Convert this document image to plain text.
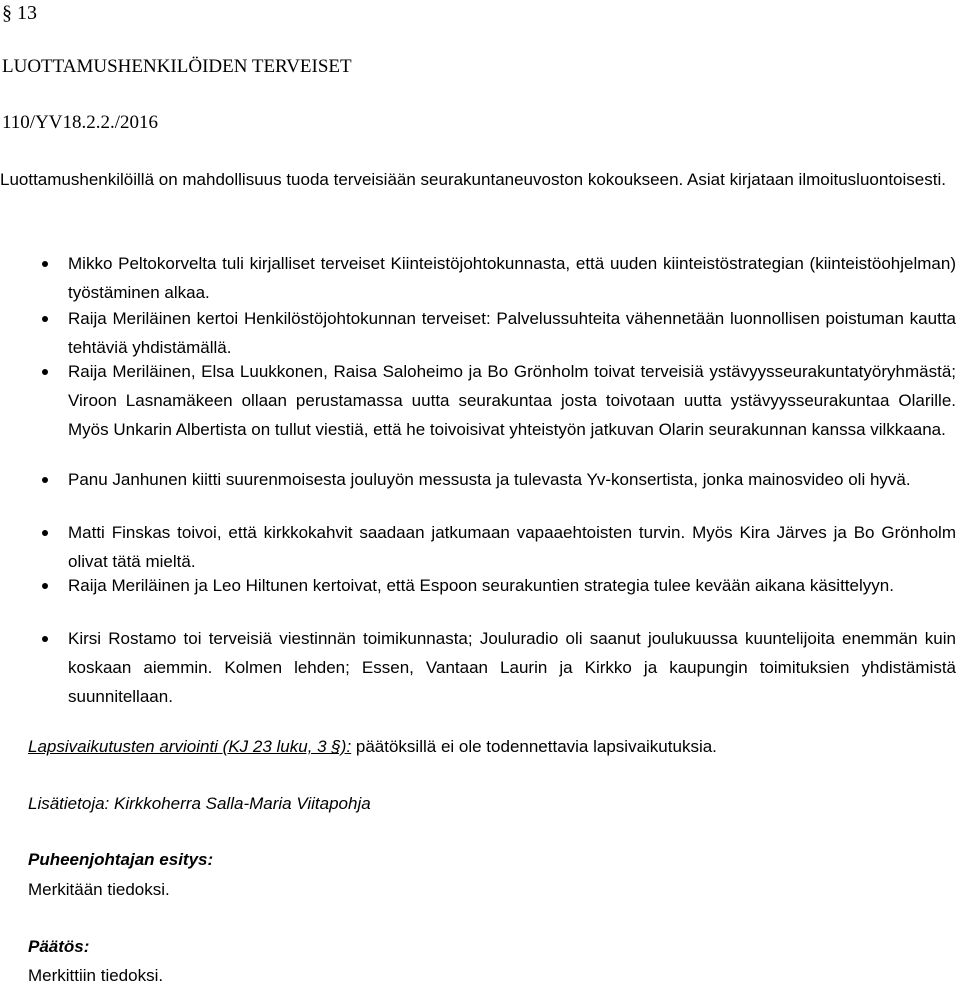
§ 13
LUOTTAMUSHENKILÖIDEN TERVEISET
110/YV18.2.2./2016
Luottamushenkilöillä on mahdollisuus tuoda terveisiään seurakuntaneuvoston kokoukseen. Asiat kirjataan ilmoitusluontoisesti.
Mikko Peltokorvelta tuli kirjalliset terveiset Kiinteistöjohtokunnasta, että uuden kiinteistöstrategian (kiinteistöohjelman) työstäminen alkaa.
Raija Meriläinen kertoi Henkilöstöjohtokunnan terveiset: Palvelussuhteita vähennetään luonnollisen poistuman kautta tehtäviä yhdistämällä.
Raija Meriläinen, Elsa Luukkonen, Raisa Saloheimo ja Bo Grönholm toivat terveisiä ystävyysseurakuntatyöryhmästä; Viroon Lasnamäkeen ollaan perustamassa uutta seurakuntaa josta toivotaan uutta ystävyysseurakuntaa Olarille. Myös Unkarin Albertista on tullut viestiä, että he toivoisivat yhteistyön jatkuvan Olarin seurakunnan kanssa vilkkaana.
Panu Janhunen kiitti suurenmoisesta jouluyön messusta ja tulevasta Yv-konsertista, jonka mainosvideo oli hyvä.
Matti Finskas toivoi, että kirkkokahvit saadaan jatkumaan vapaaehtoisten turvin. Myös Kira Järves ja Bo Grönholm olivat tätä mieltä.
Raija Meriläinen ja Leo Hiltunen kertoivat, että Espoon seurakuntien strategia tulee kevään aikana käsittelyyn.
Kirsi Rostamo toi terveisiä viestinnän toimikunnasta; Jouluradio oli saanut joulukuussa kuuntelijoita enemmän kuin koskaan aiemmin. Kolmen lehden; Essen, Vantaan Laurin ja Kirkko ja kaupungin toimituksien yhdistämistä suunnitellaan.
Lapsivaikutusten arviointi (KJ 23 luku, 3 §): päätöksillä ei ole todennettavia lapsivaikutuksia.
Lisätietoja: Kirkkoherra Salla-Maria Viitapohja
Puheenjohtajan esitys:
Merkitään tiedoksi.
Päätös:
Merkittiin tiedoksi.
